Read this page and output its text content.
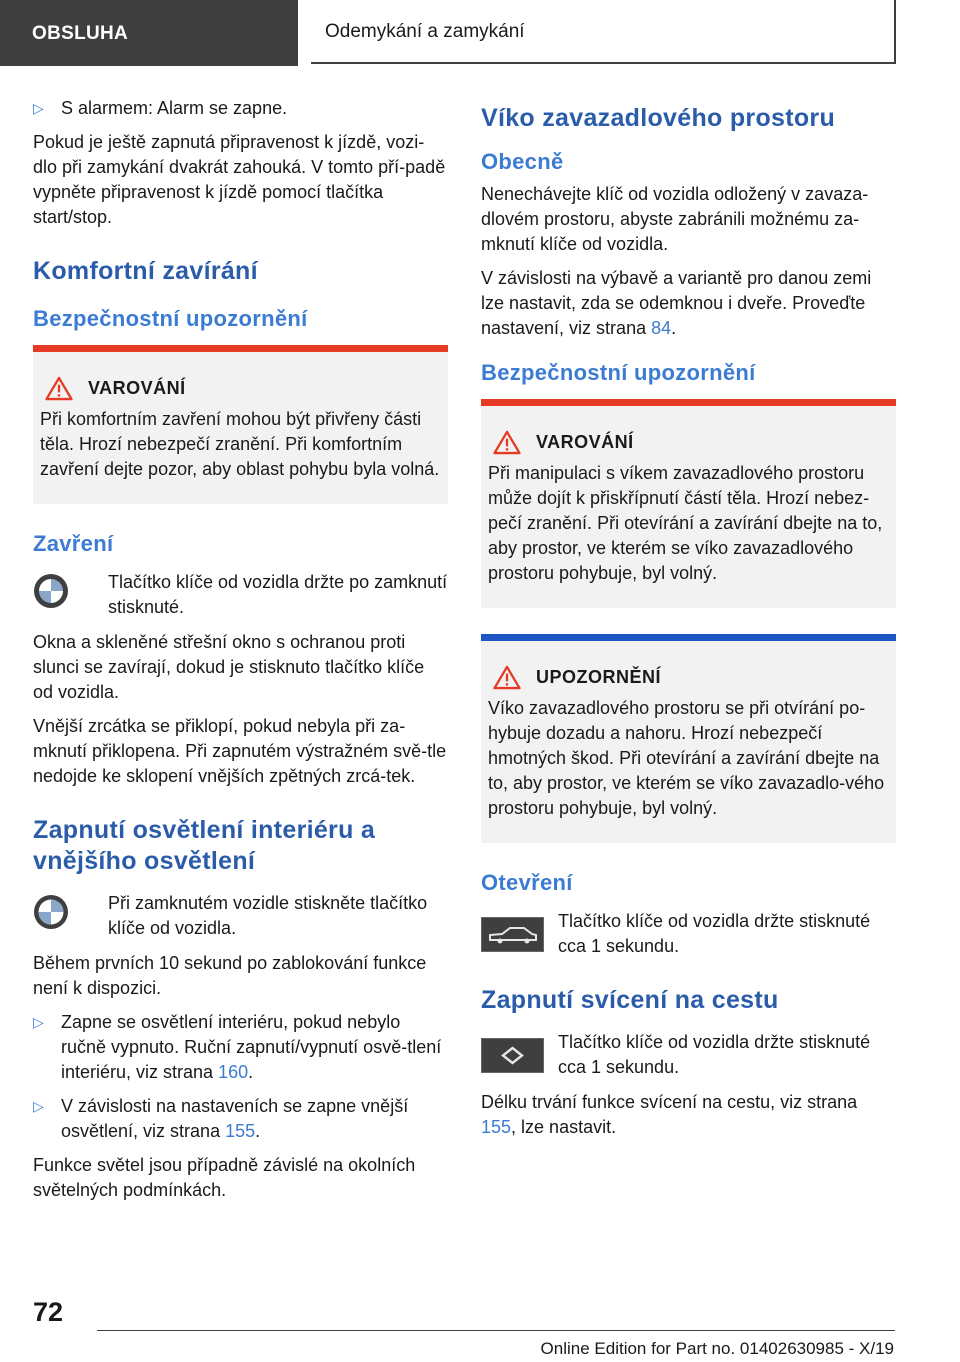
OBSLUHA	Odemykání a zamykání
▷ S alarmem: Alarm se zapne.

Pokud je ještě zapnutá připravenost k jízdě, vozi‐dlo při zamykání dvakrát zahouká. V tomto pří‐padě vypněte připravenost k jízdě pomocí tlačítka start/stop.

Komfortní zavírání
Bezpečnostní upozornění
VAROVÁNÍ
Při komfortním zavření mohou být přivřeny části těla. Hrozí nebezpečí zranění. Při komfortním zavření dejte pozor, aby oblast pohybu byla volná.
Zavření
Tlačítko klíče od vozidla držte po zamknutí stisknuté.

Okna a skleněné střešní okno s ochranou proti slunci se zavírají, dokud je stisknuto tlačítko klíče od vozidla.

Vnější zrcátka se přiklopí, pokud nebyla při za‐mknutí přiklopena. Při zapnutém výstražném svě‐tle nedojde ke sklopení vnějších zpětných zrcá‐tek.

Zapnutí osvětlení interiéru a vnějšího osvětlení
Při zamknutém vozidle stiskněte tlačítko klíče od vozidla.

Během prvních 10 sekund po zablokování funkce není k dispozici.

▷ Zapne se osvětlení interiéru, pokud nebylo ručně vypnuto. Ruční zapnutí/vypnutí osvě‐tlení interiéru, viz strana 160.
▷ V závislosti na nastaveních se zapne vnější osvětlení, viz strana 155.

Funkce světel jsou případně závislé na okolních světelných podmínkách.

Víko zavazadlového prostoru
Obecně

Nenechávejte klíč od vozidla odložený v zavaza‐dlovém prostoru, abyste zabránili možnému za‐mknutí klíče od vozidla.

V závislosti na výbavě a variantě pro danou zemi lze nastavit, zda se odemknou i dveře. Proveďte nastavení, viz strana 84.

Bezpečnostní upozornění
VAROVÁNÍ
Při manipulaci s víkem zavazadlového prostoru může dojít k přiskřípnutí částí těla. Hrozí nebez‐pečí zranění. Při otevírání a zavírání dbejte na to, aby prostor, ve kterém se víko zavazadlového prostoru pohybuje, byl volný.
UPOZORNĚNÍ
Víko zavazadlového prostoru se při otvírání po‐hybuje dozadu a nahoru. Hrozí nebezpečí hmotných škod. Při otevírání a zavírání dbejte na to, aby prostor, ve kterém se víko zavazadlo‐vého prostoru pohybuje, byl volný.
Otevření
Tlačítko klíče od vozidla držte stisknuté cca 1 sekundu.
Zapnutí svícení na cestu
Tlačítko klíče od vozidla držte stisknuté cca 1 sekundu.

Délku trvání funkce svícení na cestu, viz strana 155, lze nastavit.

72
Online Edition for Part no. 01402630985 - X/19
